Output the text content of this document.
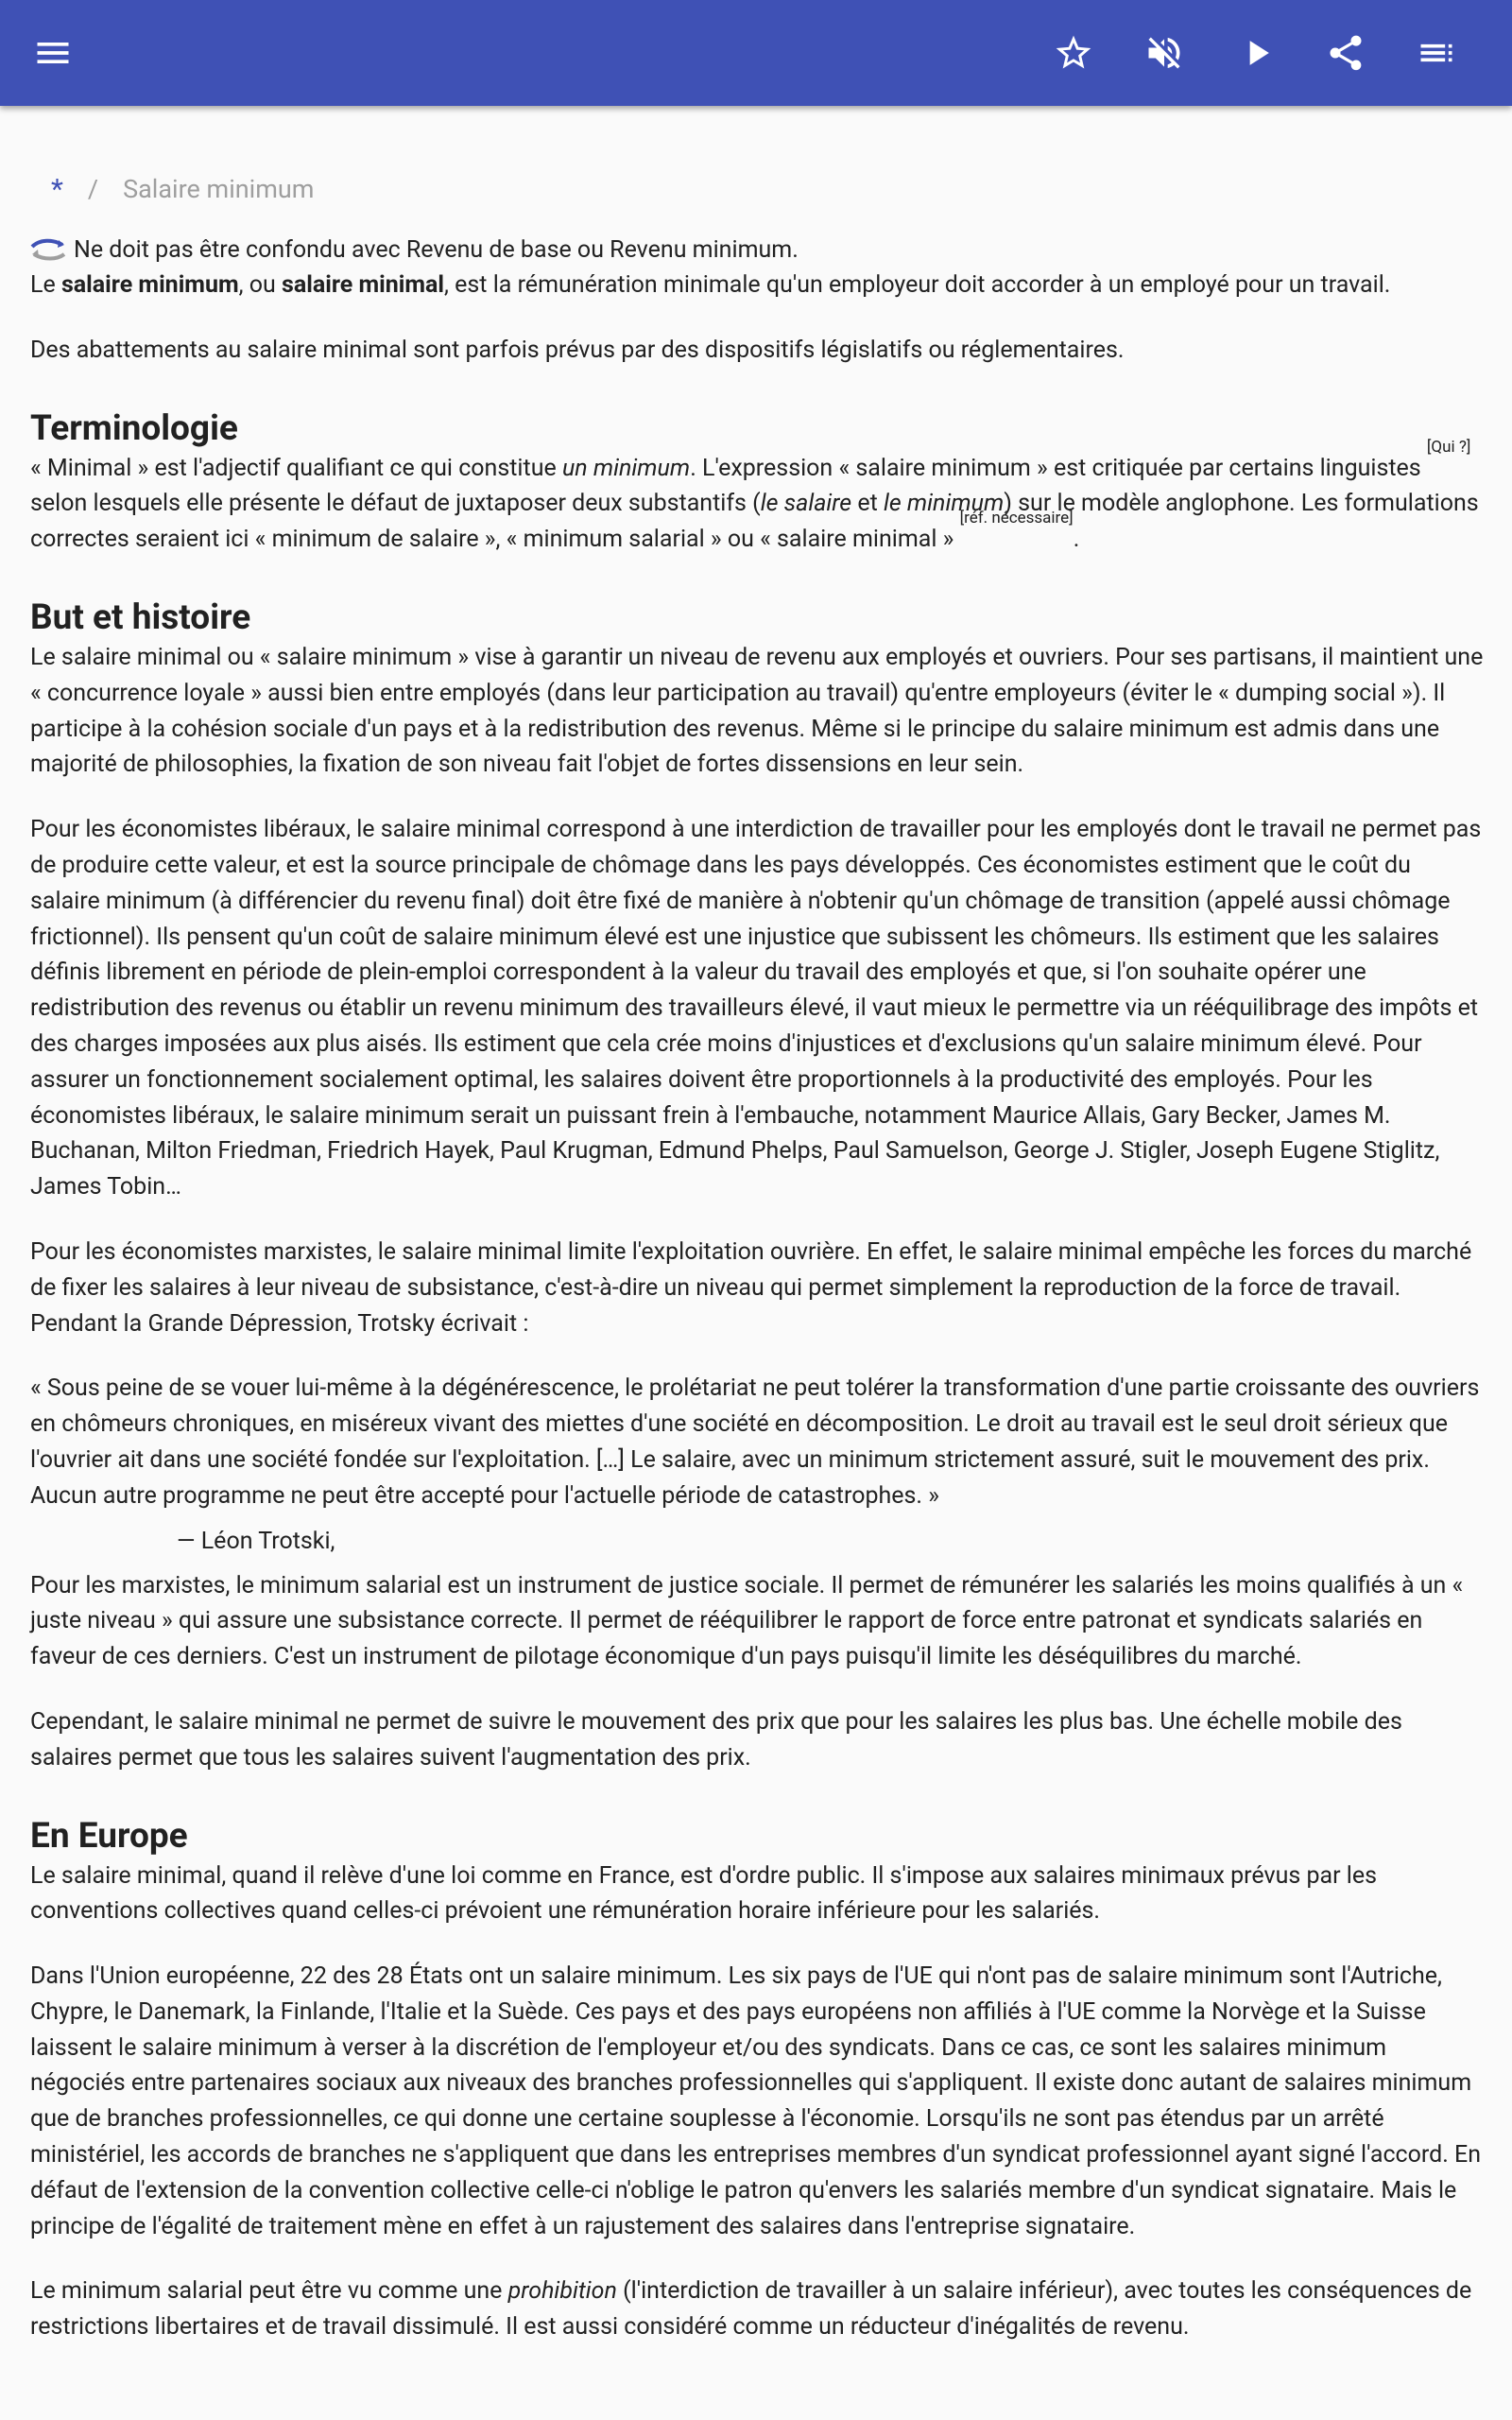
* / Salaire minimum
Ne doit pas être confondu avec Revenu de base ou Revenu minimum.

Le salaire minimum, ou salaire minimal, est la rémunération minimale qu'un employeur doit accorder à un employé pour un travail.

Des abattements au salaire minimal sont parfois prévus par des dispositifs législatifs ou réglementaires.

Terminologie

« Minimal » est l'adjectif qualifiant ce qui constitue un minimum. L'expression « salaire minimum » est critiquée par certains linguistes [Qui ?] selon lesquels elle présente le défaut de juxtaposer deux substantifs (le salaire et le minimum) sur le modèle anglophone. Les formulations correctes seraient ici « minimum de salaire », « minimum salarial » ou « salaire minimal » [réf. nécessaire].

But et histoire

Le salaire minimal ou « salaire minimum » vise à garantir un niveau de revenu aux employés et ouvriers. Pour ses partisans, il maintient une « concurrence loyale » aussi bien entre employés (dans leur participation au travail) qu'entre employeurs (éviter le « dumping social »). Il participe à la cohésion sociale d'un pays et à la redistribution des revenus. Même si le principe du salaire minimum est admis dans une majorité de philosophies, la fixation de son niveau fait l'objet de fortes dissensions en leur sein.

Pour les économistes libéraux, le salaire minimal correspond à une interdiction de travailler pour les employés dont le travail ne permet pas de produire cette valeur, et est la source principale de chômage dans les pays développés. Ces économistes estiment que le coût du salaire minimum (à différencier du revenu final) doit être fixé de manière à n'obtenir qu'un chômage de transition (appelé aussi chômage frictionnel). Ils pensent qu'un coût de salaire minimum élevé est une injustice que subissent les chômeurs. Ils estiment que les salaires définis librement en période de plein-emploi correspondent à la valeur du travail des employés et que, si l'on souhaite opérer une redistribution des revenus ou établir un revenu minimum des travailleurs élevé, il vaut mieux le permettre via un rééquilibrage des impôts et des charges imposées aux plus aisés. Ils estiment que cela crée moins d'injustices et d'exclusions qu'un salaire minimum élevé. Pour assurer un fonctionnement socialement optimal, les salaires doivent être proportionnels à la productivité des employés. Pour les économistes libéraux, le salaire minimum serait un puissant frein à l'embauche, notamment Maurice Allais, Gary Becker, James M. Buchanan, Milton Friedman, Friedrich Hayek, Paul Krugman, Edmund Phelps, Paul Samuelson, George J. Stigler, Joseph Eugene Stiglitz, James Tobin…

Pour les économistes marxistes, le salaire minimal limite l'exploitation ouvrière. En effet, le salaire minimal empêche les forces du marché de fixer les salaires à leur niveau de subsistance, c'est-à-dire un niveau qui permet simplement la reproduction de la force de travail. Pendant la Grande Dépression, Trotsky écrivait :

« Sous peine de se vouer lui-même à la dégénérescence, le prolétariat ne peut tolérer la transformation d'une partie croissante des ouvriers en chômeurs chroniques, en miséreux vivant des miettes d'une société en décomposition. Le droit au travail est le seul droit sérieux que l'ouvrier ait dans une société fondée sur l'exploitation. […] Le salaire, avec un minimum strictement assuré, suit le mouvement des prix. Aucun autre programme ne peut être accepté pour l'actuelle période de catastrophes. »

— Léon Trotski,

Pour les marxistes, le minimum salarial est un instrument de justice sociale. Il permet de rémunérer les salariés les moins qualifiés à un « juste niveau » qui assure une subsistance correcte. Il permet de rééquilibrer le rapport de force entre patronat et syndicats salariés en faveur de ces derniers. C'est un instrument de pilotage économique d'un pays puisqu'il limite les déséquilibres du marché.

Cependant, le salaire minimal ne permet de suivre le mouvement des prix que pour les salaires les plus bas. Une échelle mobile des salaires permet que tous les salaires suivent l'augmentation des prix.

En Europe

Le salaire minimal, quand il relève d'une loi comme en France, est d'ordre public. Il s'impose aux salaires minimaux prévus par les conventions collectives quand celles-ci prévoient une rémunération horaire inférieure pour les salariés.

Dans l'Union européenne, 22 des 28 États ont un salaire minimum. Les six pays de l'UE qui n'ont pas de salaire minimum sont l'Autriche, Chypre, le Danemark, la Finlande, l'Italie et la Suède. Ces pays et des pays européens non affiliés à l'UE comme la Norvège et la Suisse laissent le salaire minimum à verser à la discrétion de l'employeur et/ou des syndicats. Dans ce cas, ce sont les salaires minimum négociés entre partenaires sociaux aux niveaux des branches professionnelles qui s'appliquent. Il existe donc autant de salaires minimum que de branches professionnelles, ce qui donne une certaine souplesse à l'économie. Lorsqu'ils ne sont pas étendus par un arrêté ministériel, les accords de branches ne s'appliquent que dans les entreprises membres d'un syndicat professionnel ayant signé l'accord. En défaut de l'extension de la convention collective celle-ci n'oblige le patron qu'envers les salariés membre d'un syndicat signataire. Mais le principe de l'égalité de traitement mène en effet à un rajustement des salaires dans l'entreprise signataire.

Le minimum salarial peut être vu comme une prohibition (l'interdiction de travailler à un salaire inférieur), avec toutes les conséquences de restrictions libertaires et de travail dissimulé. Il est aussi considéré comme un réducteur d'inégalités de revenu.
